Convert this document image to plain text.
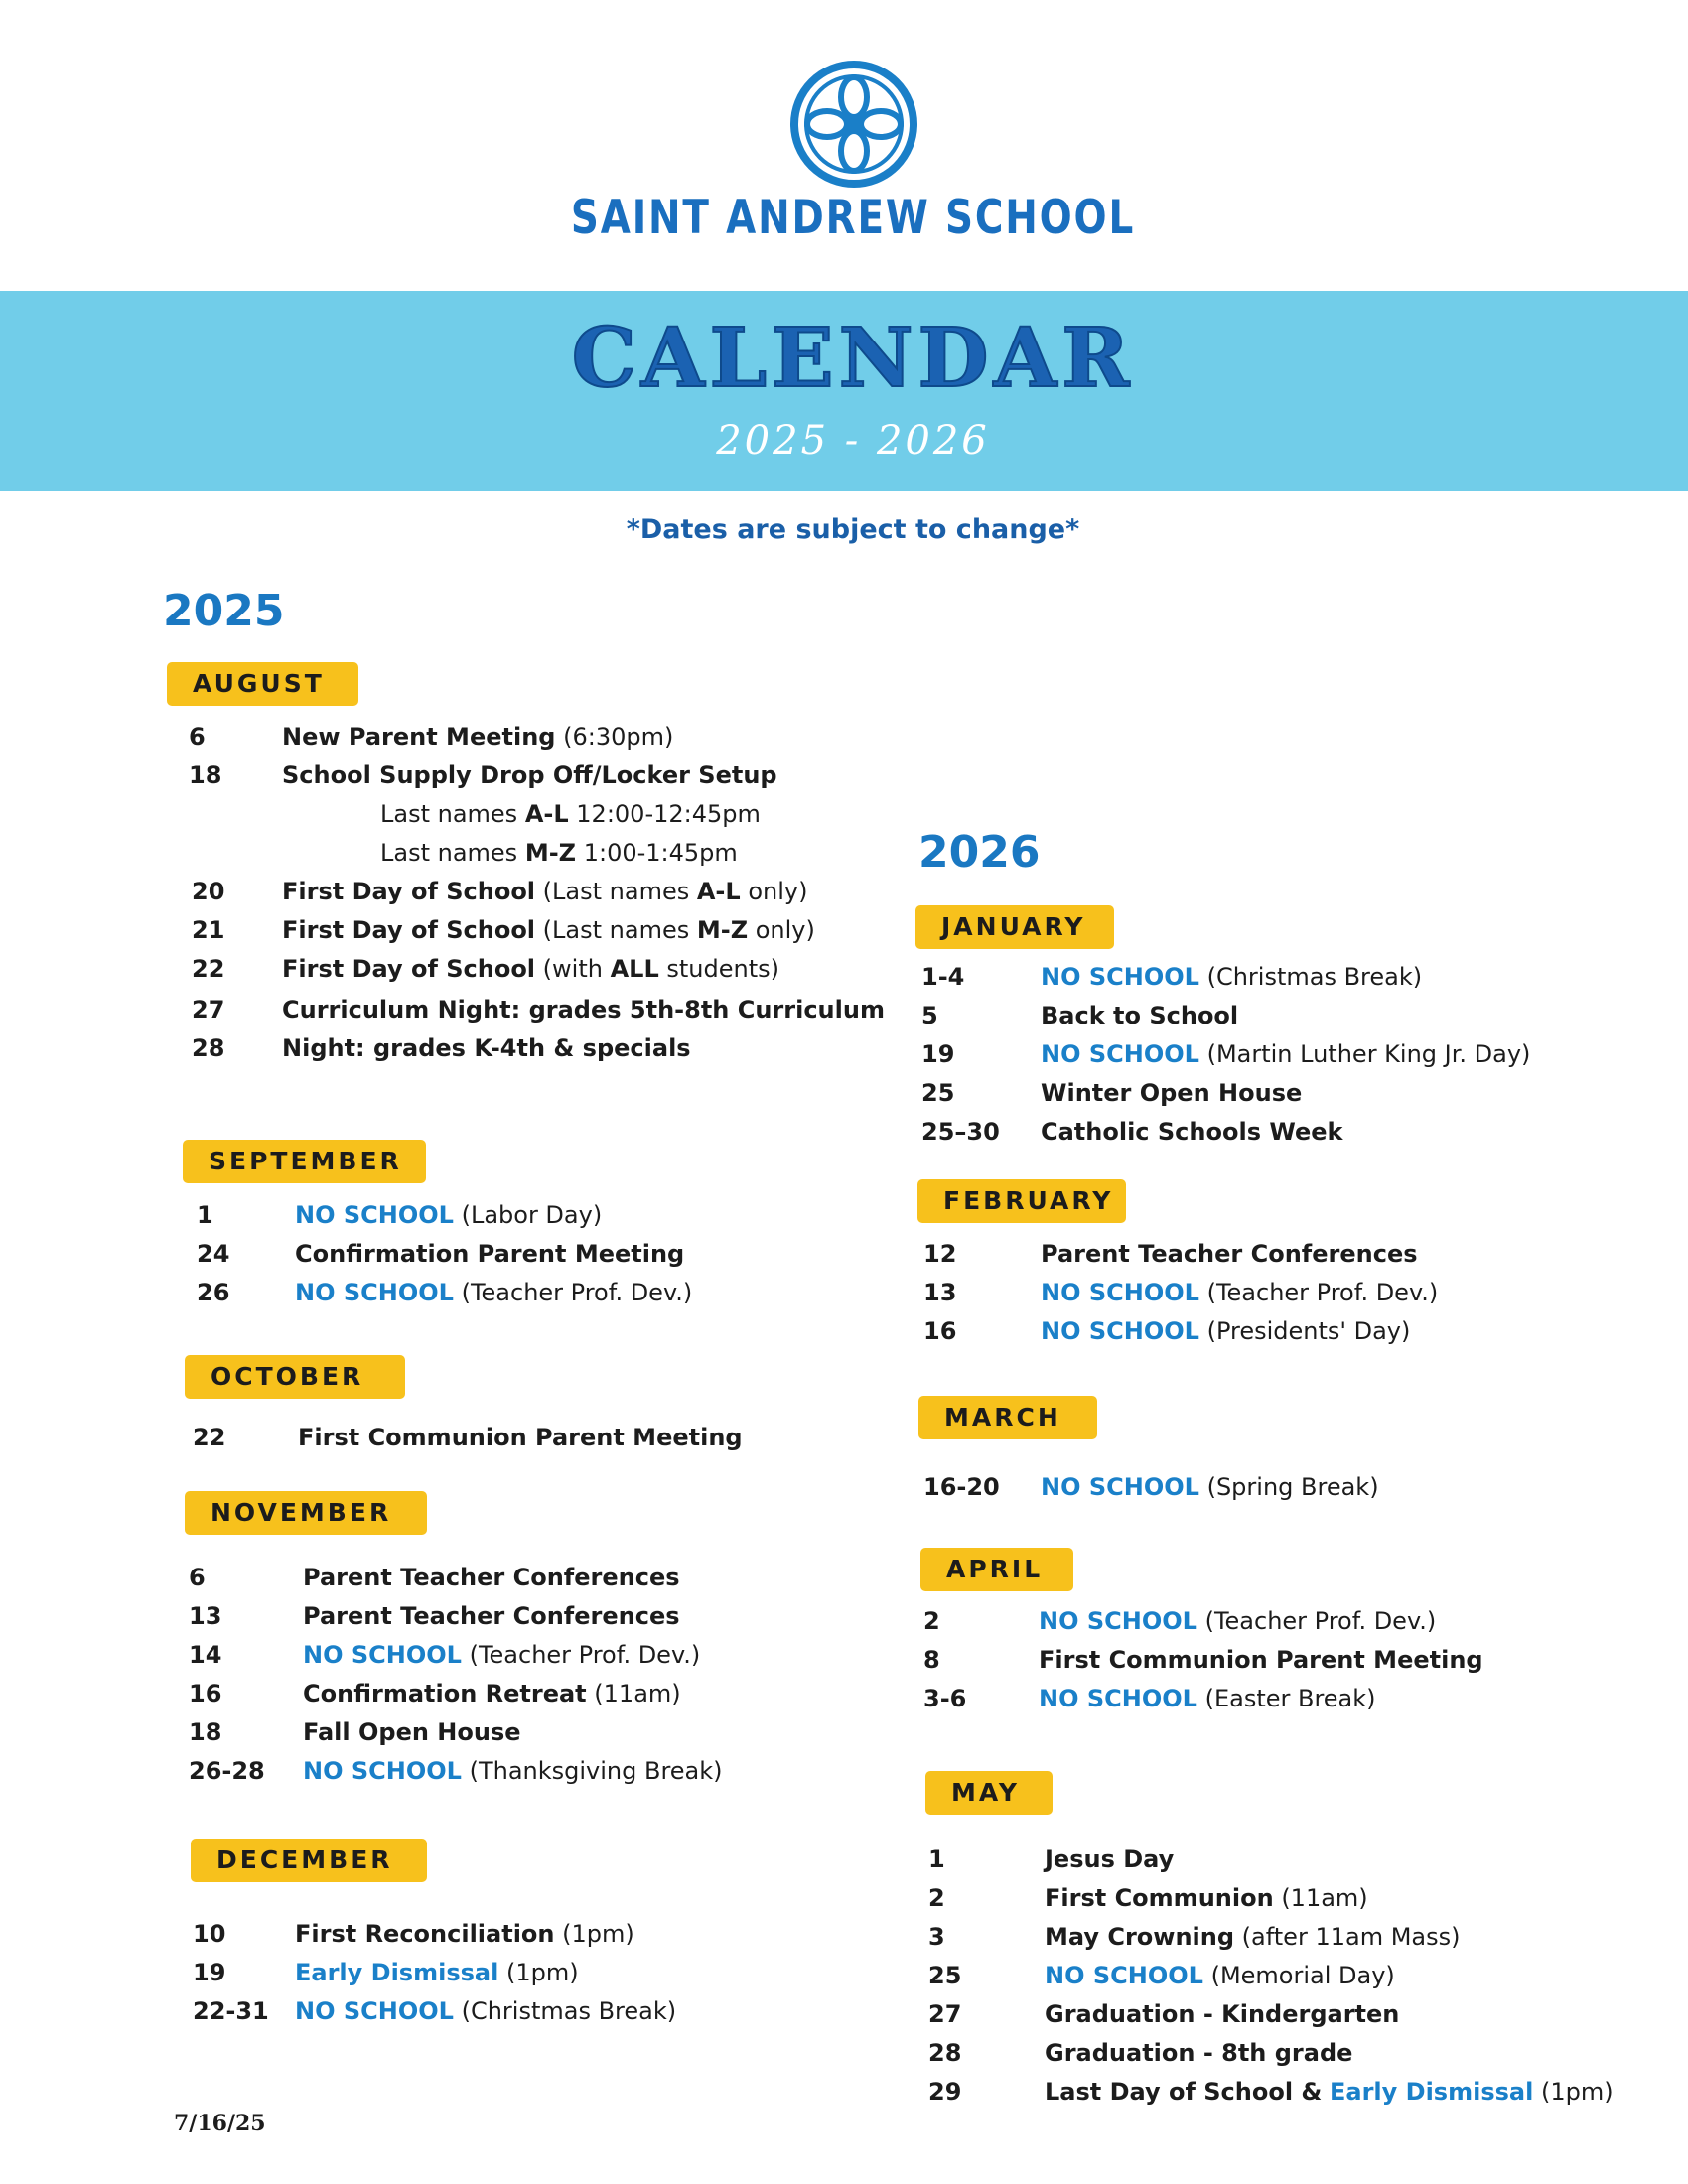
SAINT ANDREW SCHOOL
CALENDAR
2025 - 2026
*Dates are subject to change*
2025
AUGUST
6	New Parent Meeting (6:30pm)
18	School Supply Drop Off/Locker Setup
Last names A-L 12:00-12:45pm
Last names M-Z 1:00-1:45pm
20 First Day of School (Last names A-L only)
21 First Day of School (Last names M-Z only)
22 First Day of School (with ALL students)
27 Curriculum Night: grades 5th-8th Curriculum
28 Night: grades K-4th & specials
SEPTEMBER
1	NO SCHOOL (Labor Day)
24	Confirmation Parent Meeting
26	NO SCHOOL (Teacher Prof. Dev.)
OCTOBER
22	First Communion Parent Meeting
NOVEMBER
6	Parent Teacher Conferences
13	Parent Teacher Conferences
14	NO SCHOOL (Teacher Prof. Dev.)
16	Confirmation Retreat (11am)
18	Fall Open House
26-28 NO SCHOOL (Thanksgiving Break)
DECEMBER
10	First Reconciliation (1pm)
19	Early Dismissal (1pm)
22-31 NO SCHOOL (Christmas Break)
2026
JANUARY
1-4	NO SCHOOL (Christmas Break)
5	Back to School
19	NO SCHOOL (Martin Luther King Jr. Day)
25	Winter Open House
25–30 Catholic Schools Week
FEBRUARY
12	Parent Teacher Conferences
13	NO SCHOOL (Teacher Prof. Dev.)
16	NO SCHOOL (Presidents' Day)
MARCH
16-20 NO SCHOOL (Spring Break)
APRIL
2	NO SCHOOL (Teacher Prof. Dev.)
8	First Communion Parent Meeting
3-6	NO SCHOOL (Easter Break)
MAY
1	Jesus Day
2	First Communion (11am)
3	May Crowning (after 11am Mass)
25	NO SCHOOL (Memorial Day)
27	Graduation - Kindergarten
28	Graduation - 8th grade
29	Last Day of School & Early Dismissal (1pm)
7/16/25
